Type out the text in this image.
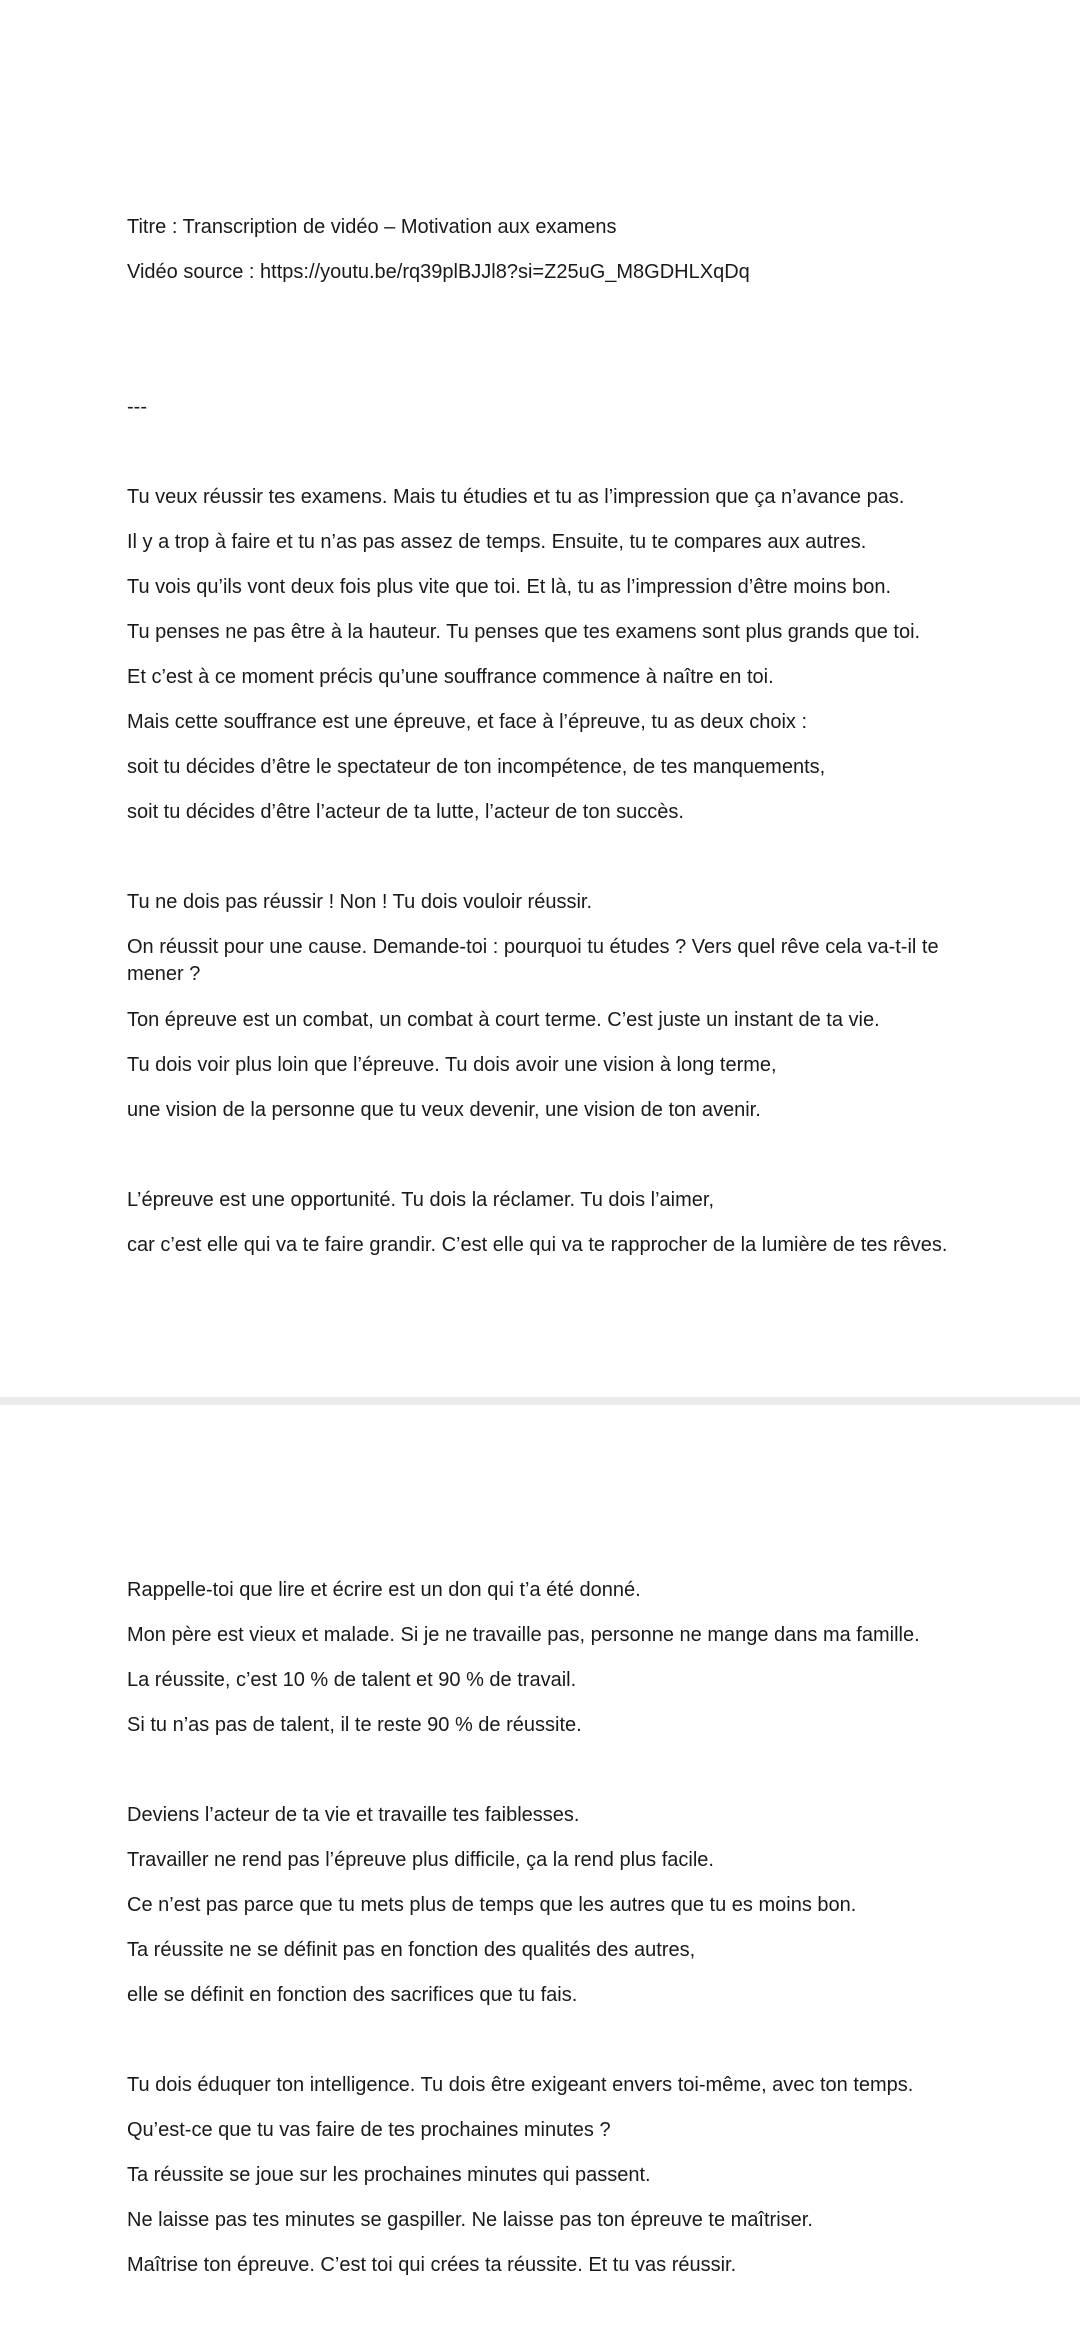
Titre : Transcription de vidéo – Motivation aux examens

Vidéo source : https://youtu.be/rq39plBJJl8?si=Z25uG_M8GDHLXqDq

---

Tu veux réussir tes examens. Mais tu étudies et tu as l’impression que ça n’avance pas.

Il y a trop à faire et tu n’as pas assez de temps. Ensuite, tu te compares aux autres.

Tu vois qu’ils vont deux fois plus vite que toi. Et là, tu as l’impression d’être moins bon.

Tu penses ne pas être à la hauteur. Tu penses que tes examens sont plus grands que toi.

Et c’est à ce moment précis qu’une souffrance commence à naître en toi.

Mais cette souffrance est une épreuve, et face à l’épreuve, tu as deux choix :

soit tu décides d’être le spectateur de ton incompétence, de tes manquements,

soit tu décides d’être l’acteur de ta lutte, l’acteur de ton succès.

Tu ne dois pas réussir ! Non ! Tu dois vouloir réussir.

On réussit pour une cause. Demande-toi : pourquoi tu études ? Vers quel rêve cela va-t-il te mener ?

Ton épreuve est un combat, un combat à court terme. C’est juste un instant de ta vie.

Tu dois voir plus loin que l’épreuve. Tu dois avoir une vision à long terme,

une vision de la personne que tu veux devenir, une vision de ton avenir.

L’épreuve est une opportunité. Tu dois la réclamer. Tu dois l’aimer,

car c’est elle qui va te faire grandir. C’est elle qui va te rapprocher de la lumière de tes rêves.

Rappelle-toi que lire et écrire est un don qui t’a été donné.

Mon père est vieux et malade. Si je ne travaille pas, personne ne mange dans ma famille.

La réussite, c’est 10 % de talent et 90 % de travail.

Si tu n’as pas de talent, il te reste 90 % de réussite.

Deviens l’acteur de ta vie et travaille tes faiblesses.

Travailler ne rend pas l’épreuve plus difficile, ça la rend plus facile.

Ce n’est pas parce que tu mets plus de temps que les autres que tu es moins bon.

Ta réussite ne se définit pas en fonction des qualités des autres,

elle se définit en fonction des sacrifices que tu fais.

Tu dois éduquer ton intelligence. Tu dois être exigeant envers toi-même, avec ton temps.

Qu’est-ce que tu vas faire de tes prochaines minutes ?

Ta réussite se joue sur les prochaines minutes qui passent.

Ne laisse pas tes minutes se gaspiller. Ne laisse pas ton épreuve te maîtriser.

Maîtrise ton épreuve. C’est toi qui crées ta réussite. Et tu vas réussir.
